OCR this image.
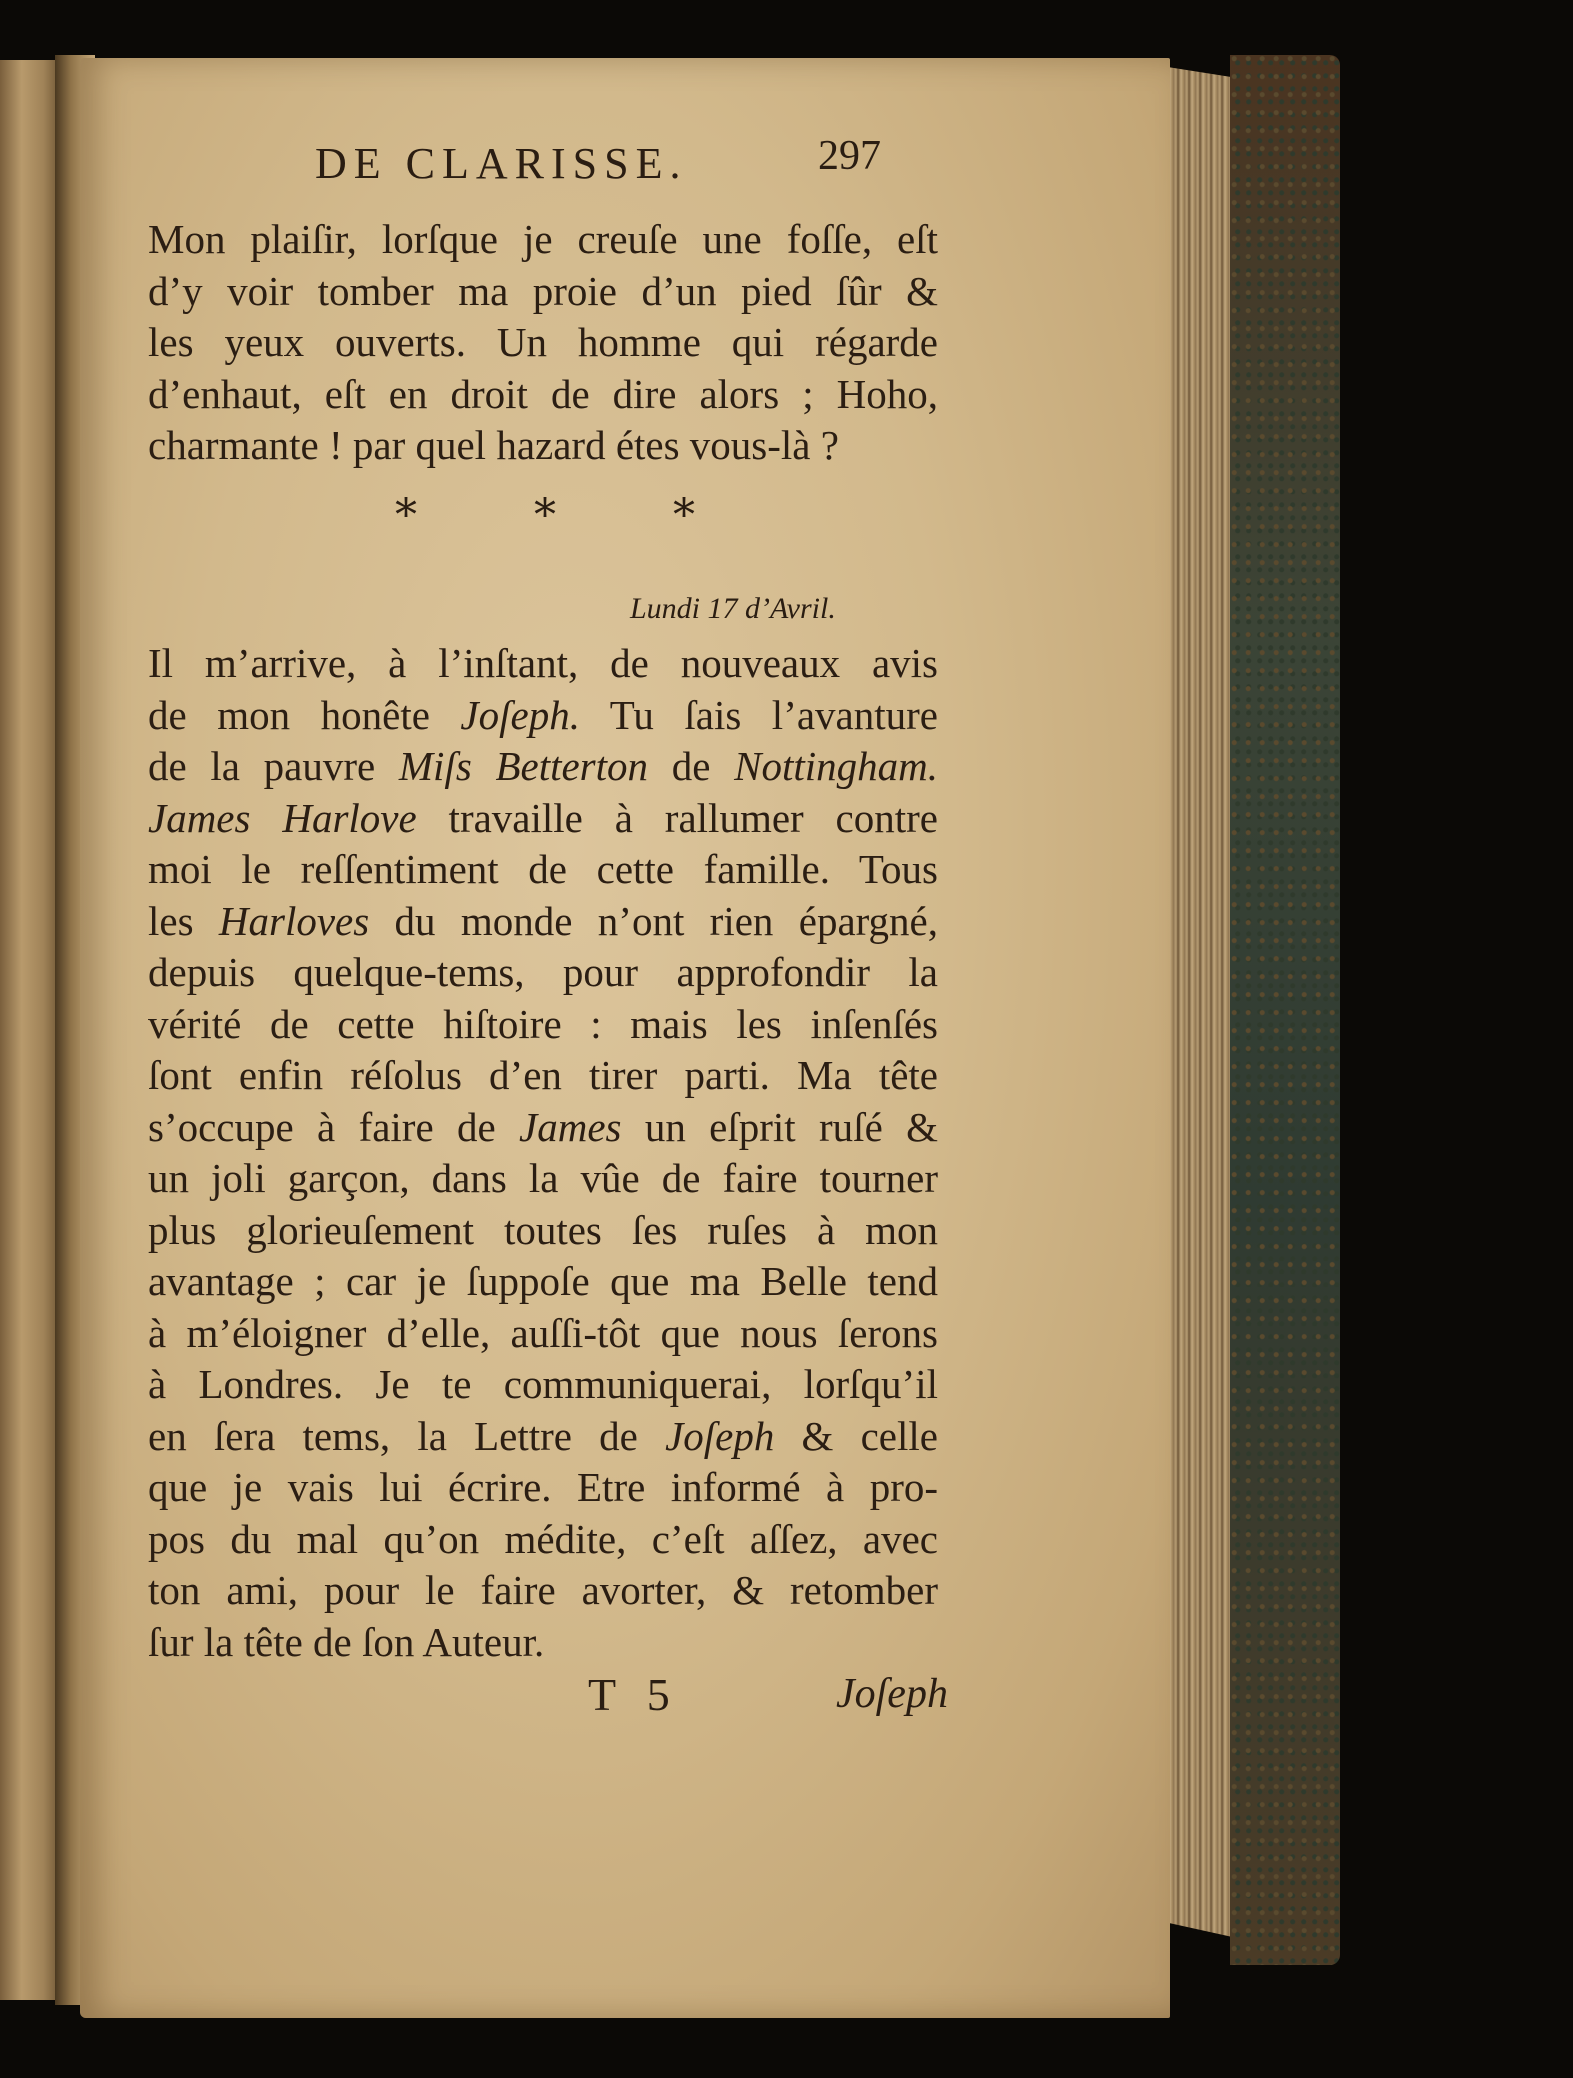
DE CLARISSE.	297
Mon plaiſir, lorſque je creuſe une foſſe, eſt
d’y voir tomber ma proie d’un pied ſûr &
les yeux ouverts. Un homme qui régarde
d’enhaut, eſt en droit de dire alors ; Hoho,
charmante ! par quel hazard étes vous-là ?
*	*	*
Lundi 17 d’Avril.
Il m’arrive, à l’inſtant, de nouveaux avis
de mon honête Joſeph. Tu ſais l’avanture
de la pauvre Miſs Betterton de Nottingham.
James Harlove travaille à rallumer contre
moi le reſſentiment de cette famille. Tous
les Harloves du monde n’ont rien épargné,
depuis quelque-tems, pour approfondir la
vérité de cette hiſtoire : mais les inſenſés
ſont enfin réſolus d’en tirer parti. Ma tête
s’occupe à faire de James un eſprit ruſé &
un joli garçon, dans la vûe de faire tourner
plus glorieuſement toutes ſes ruſes à mon
avantage ; car je ſuppoſe que ma Belle tend
à m’éloigner d’elle, auſſi-tôt que nous ſerons
à Londres. Je te communiquerai, lorſqu’il
en ſera tems, la Lettre de Joſeph & celle
que je vais lui écrire. Etre informé à pro-
pos du mal qu’on médite, c’eſt aſſez, avec
ton ami, pour le faire avorter, & retomber
ſur la tête de ſon Auteur.
T 5	Joſeph
